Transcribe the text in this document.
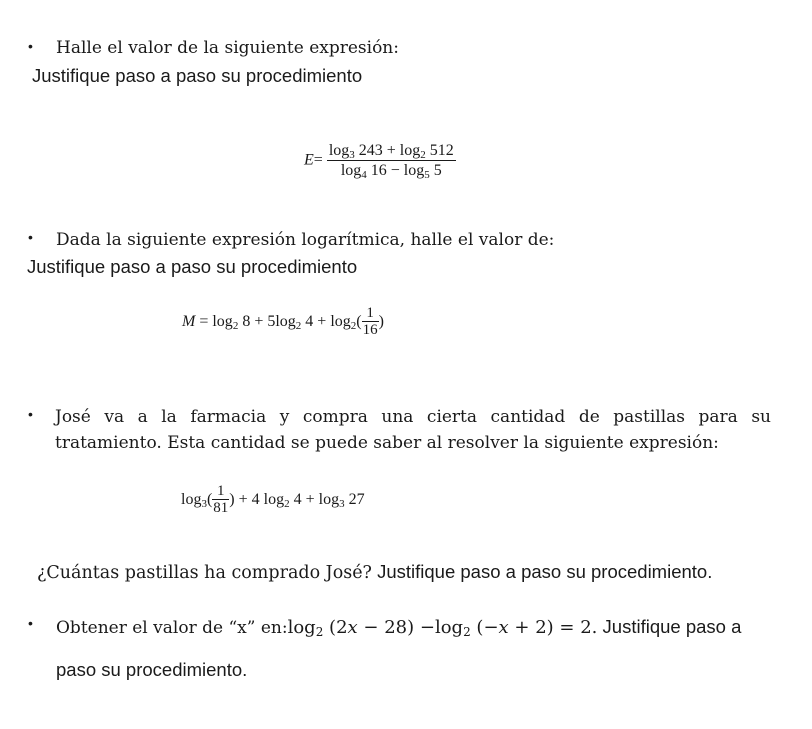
• Halle el valor de la siguiente expresión:
Justifique paso a paso su procedimiento
$E= \frac{\log_3 243 + \log_2 512}{\log_4 16 - \log_5 5}$
• Dada la siguiente expresión logarítmica, halle el valor de:
Justifique paso a paso su procedimiento
$M = \log_2 8 + 5\log_2$ $4 + \log_2( \frac{1}{16}$ )
• José va a la farmacia y compra una cierta cantidad de pastillas para su
tratamiento. Esta cantidad se puede saber al resolver la siguiente expresión:
$\log_3( \frac{1}{81}$ ) + 4 $\log_2 4 + \log_3 27$
¿Cuántas pastillas ha comprado José? Justifique paso a paso su procedimiento.
• Obtener el valor de “x” $en:\log_2$ (2𝑥 − $28) -\log_2$ (−𝑥 + 2) = 2. Justifique paso a
paso su procedimiento.
